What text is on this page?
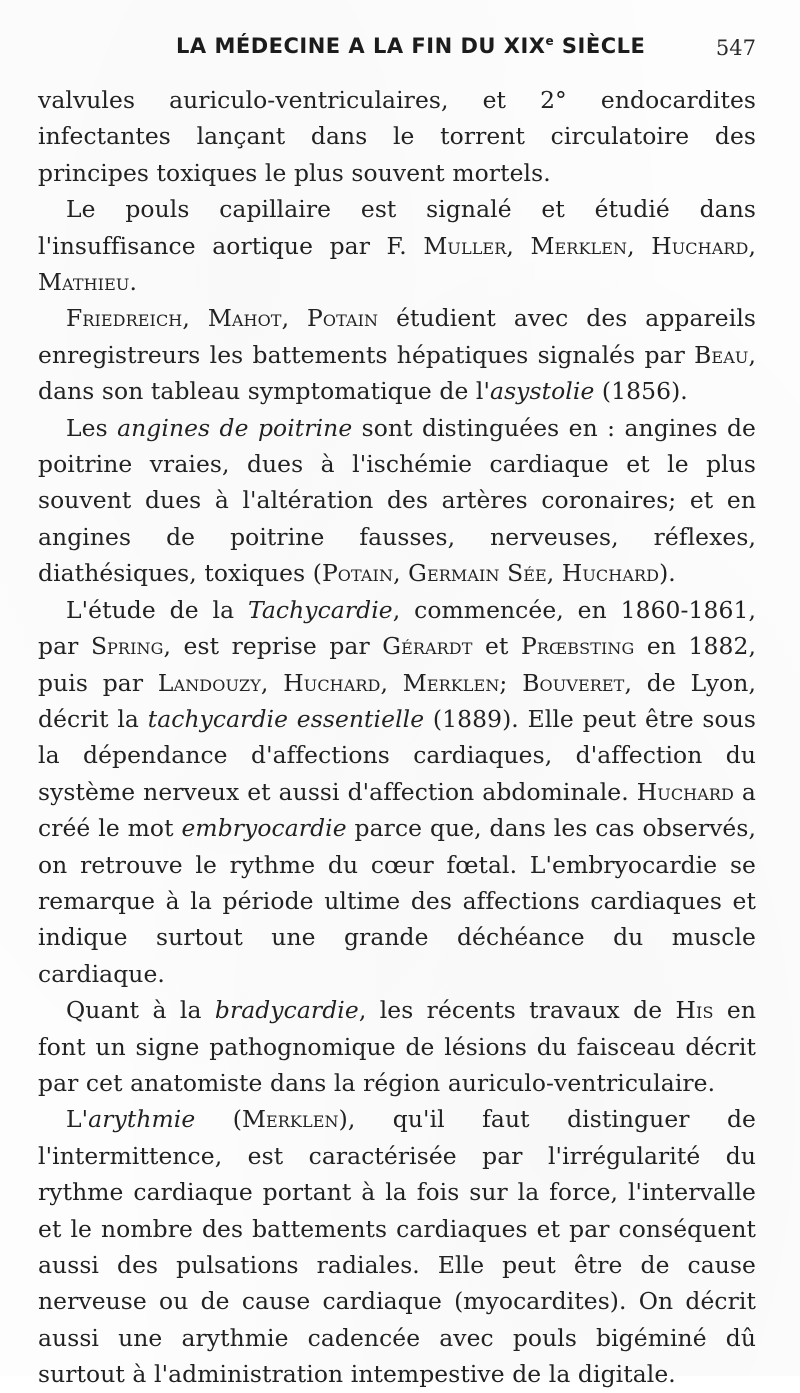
LA MÉDECINE A LA FIN DU XIXe SIÈCLE	547

valvules auriculo-ventriculaires, et 2° endocardites infectantes lançant dans le torrent circulatoire des principes toxiques le plus souvent mortels.

Le pouls capillaire est signalé et étudié dans l'insuffisance aortique par F. Muller, Merklen, Huchard, Mathieu.

Friedreich, Mahot, Potain étudient avec des appareils enregistreurs les battements hépatiques signalés par Beau, dans son tableau symptomatique de l'asystolie (1856).

Les angines de poitrine sont distinguées en : angines de poitrine vraies, dues à l'ischémie cardiaque et le plus souvent dues à l'altération des artères coronaires; et en angines de poitrine fausses, nerveuses, réflexes, diathésiques, toxiques (Potain, Germain Sée, Huchard).

L'étude de la Tachycardie, commencée, en 1860-1861, par Spring, est reprise par Gérardt et Prœbsting en 1882, puis par Landouzy, Huchard, Merklen; Bouveret, de Lyon, décrit la tachycardie essentielle (1889). Elle peut être sous la dépendance d'affections cardiaques, d'affection du système nerveux et aussi d'affection abdominale. Huchard a créé le mot embryocardie parce que, dans les cas observés, on retrouve le rythme du cœur fœtal. L'embryocardie se remarque à la période ultime des affections cardiaques et indique surtout une grande déchéance du muscle cardiaque.

Quant à la bradycardie, les récents travaux de His en font un signe pathognomique de lésions du faisceau décrit par cet anatomiste dans la région auriculo-ventriculaire.

L'arythmie (Merklen), qu'il faut distinguer de l'intermittence, est caractérisée par l'irrégularité du rythme cardiaque portant à la fois sur la force, l'intervalle et le nombre des battements cardiaques et par conséquent aussi des pulsations radiales. Elle peut être de cause nerveuse ou de cause cardiaque (myocardites). On décrit aussi une arythmie cadencée avec pouls bigéminé dû surtout à l'administration intempestive de la digitale.
